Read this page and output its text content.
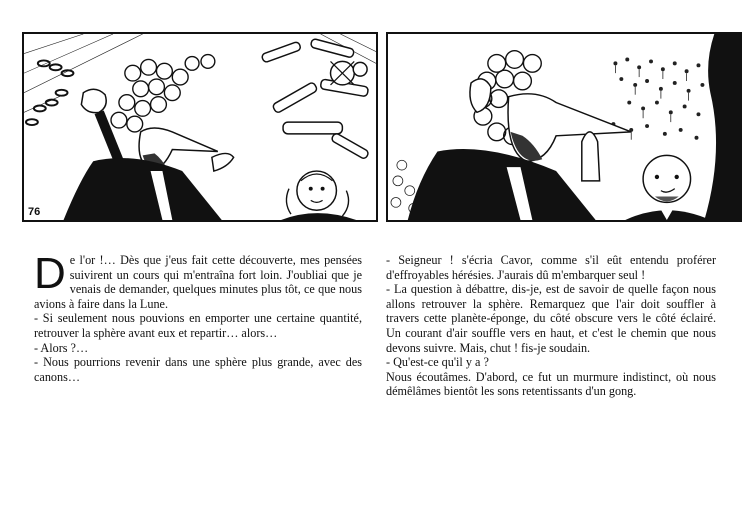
76

De l'or !… Dès que j'eus fait cette découverte, mes pensées suivirent un cours qui m'entraîna fort loin. J'oubliai que je venais de demander, quelques minutes plus tôt, ce que nous avions à faire dans la Lune.

- Si seulement nous pouvions en emporter une certaine quantité, retrouver la sphère avant eux et repartir… alors…

- Alors ?…

- Nous pourrions revenir dans une sphère plus grande, avec des canons…

- Seigneur ! s'écria Cavor, comme s'il eût entendu proférer d'effroyables hérésies. J'aurais dû m'embarquer seul !

- La question à débattre, dis-je, est de savoir de quelle façon nous allons retrouver la sphère. Remarquez que l'air doit souffler à travers cette planète-éponge, du côté obscure vers le côté éclairé. Un courant d'air souffle vers en haut, et c'est le chemin que nous devons suivre. Mais, chut ! fis-je soudain.

- Qu'est-ce qu'il y a ?

Nous écoutâmes. D'abord, ce fut un murmure indistinct, où nous démêlâmes bientôt les sons retentissants d'un gong.
